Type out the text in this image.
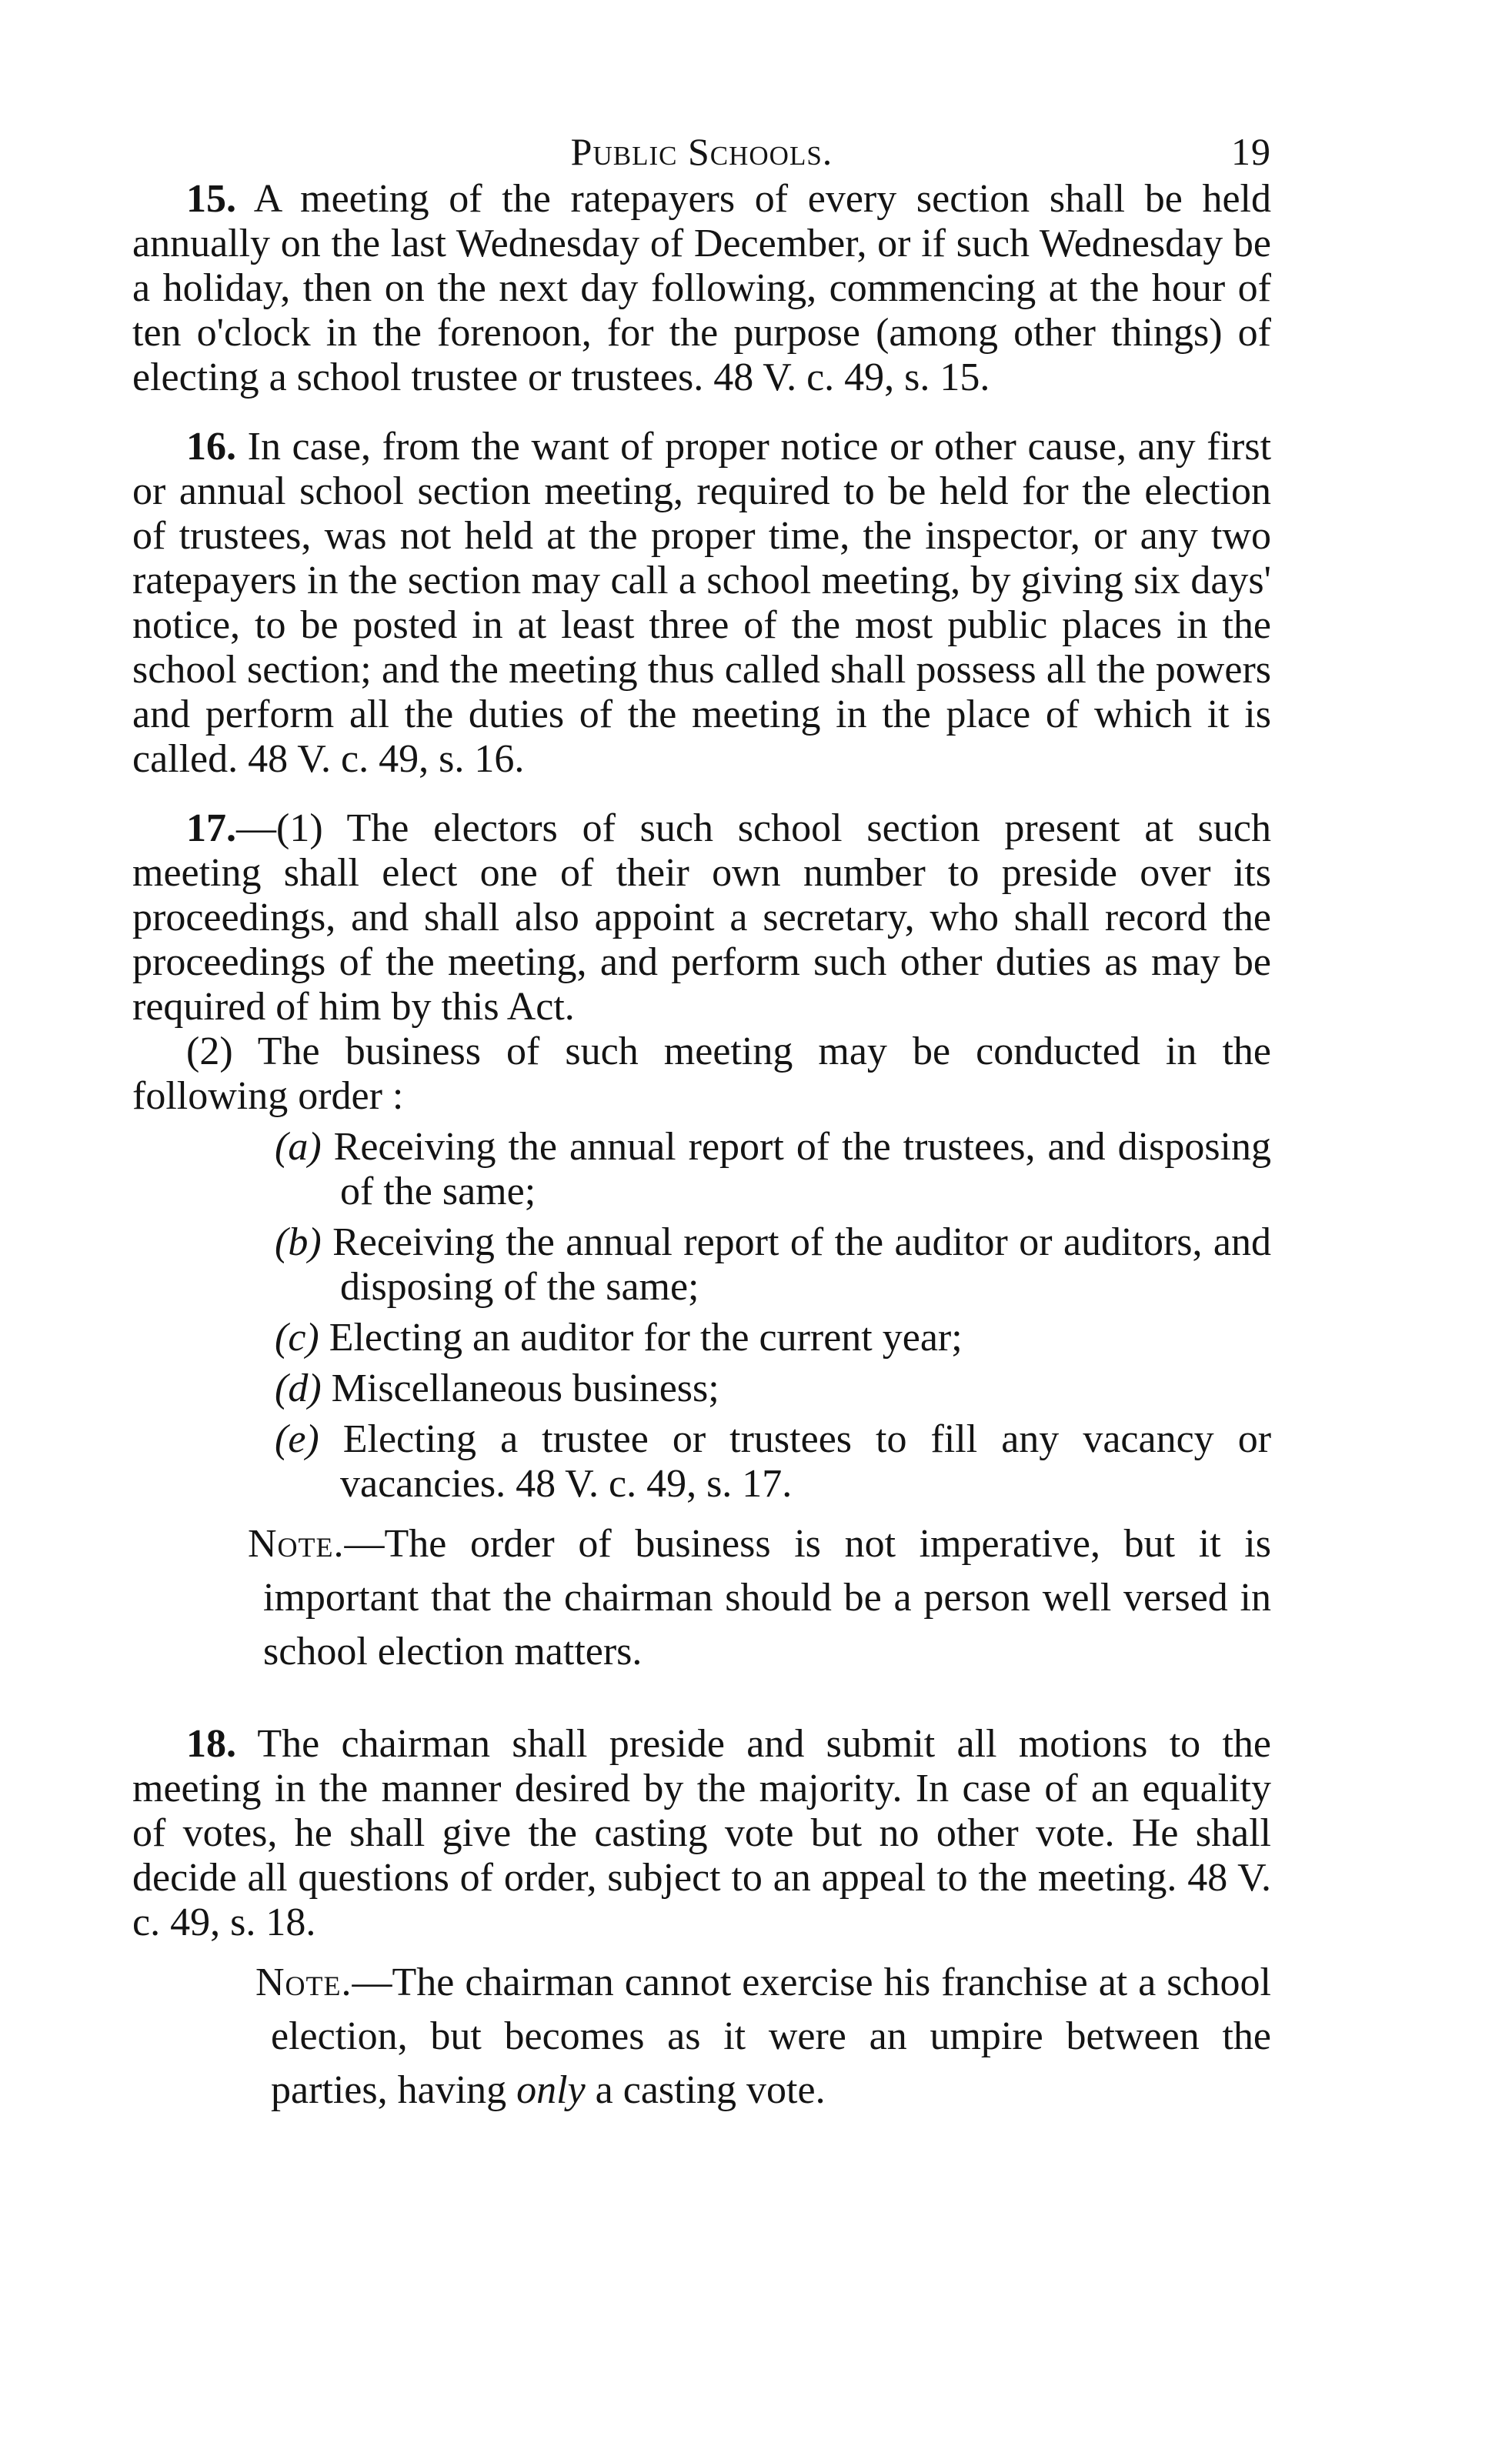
Public Schools.	19

15. A meeting of the ratepayers of every section shall be held annually on the last Wednesday of December, or if such Wednesday be a holiday, then on the next day following, commencing at the hour of ten o'clock in the forenoon, for the purpose (among other things) of electing a school trustee or trustees. 48 V. c. 49, s. 15.

16. In case, from the want of proper notice or other cause, any first or annual school section meeting, required to be held for the election of trustees, was not held at the proper time, the inspector, or any two ratepayers in the section may call a school meeting, by giving six days' notice, to be posted in at least three of the most public places in the school section; and the meeting thus called shall possess all the powers and perform all the duties of the meeting in the place of which it is called. 48 V. c. 49, s. 16.

17.—(1) The electors of such school section present at such meeting shall elect one of their own number to preside over its proceedings, and shall also appoint a secretary, who shall record the proceedings of the meeting, and perform such other duties as may be required of him by this Act.

(2) The business of such meeting may be conducted in the following order :

(a) Receiving the annual report of the trustees, and disposing of the same;

(b) Receiving the annual report of the auditor or auditors, and disposing of the same;

(c) Electing an auditor for the current year;

(d) Miscellaneous business;

(e) Electing a trustee or trustees to fill any vacancy or vacancies. 48 V. c. 49, s. 17.

Note.—The order of business is not imperative, but it is important that the chairman should be a person well versed in school election matters.

18. The chairman shall preside and submit all motions to the meeting in the manner desired by the majority. In case of an equality of votes, he shall give the casting vote but no other vote. He shall decide all questions of order, subject to an appeal to the meeting. 48 V. c. 49, s. 18.

Note.—The chairman cannot exercise his franchise at a school election, but becomes as it were an umpire between the parties, having only a casting vote.
